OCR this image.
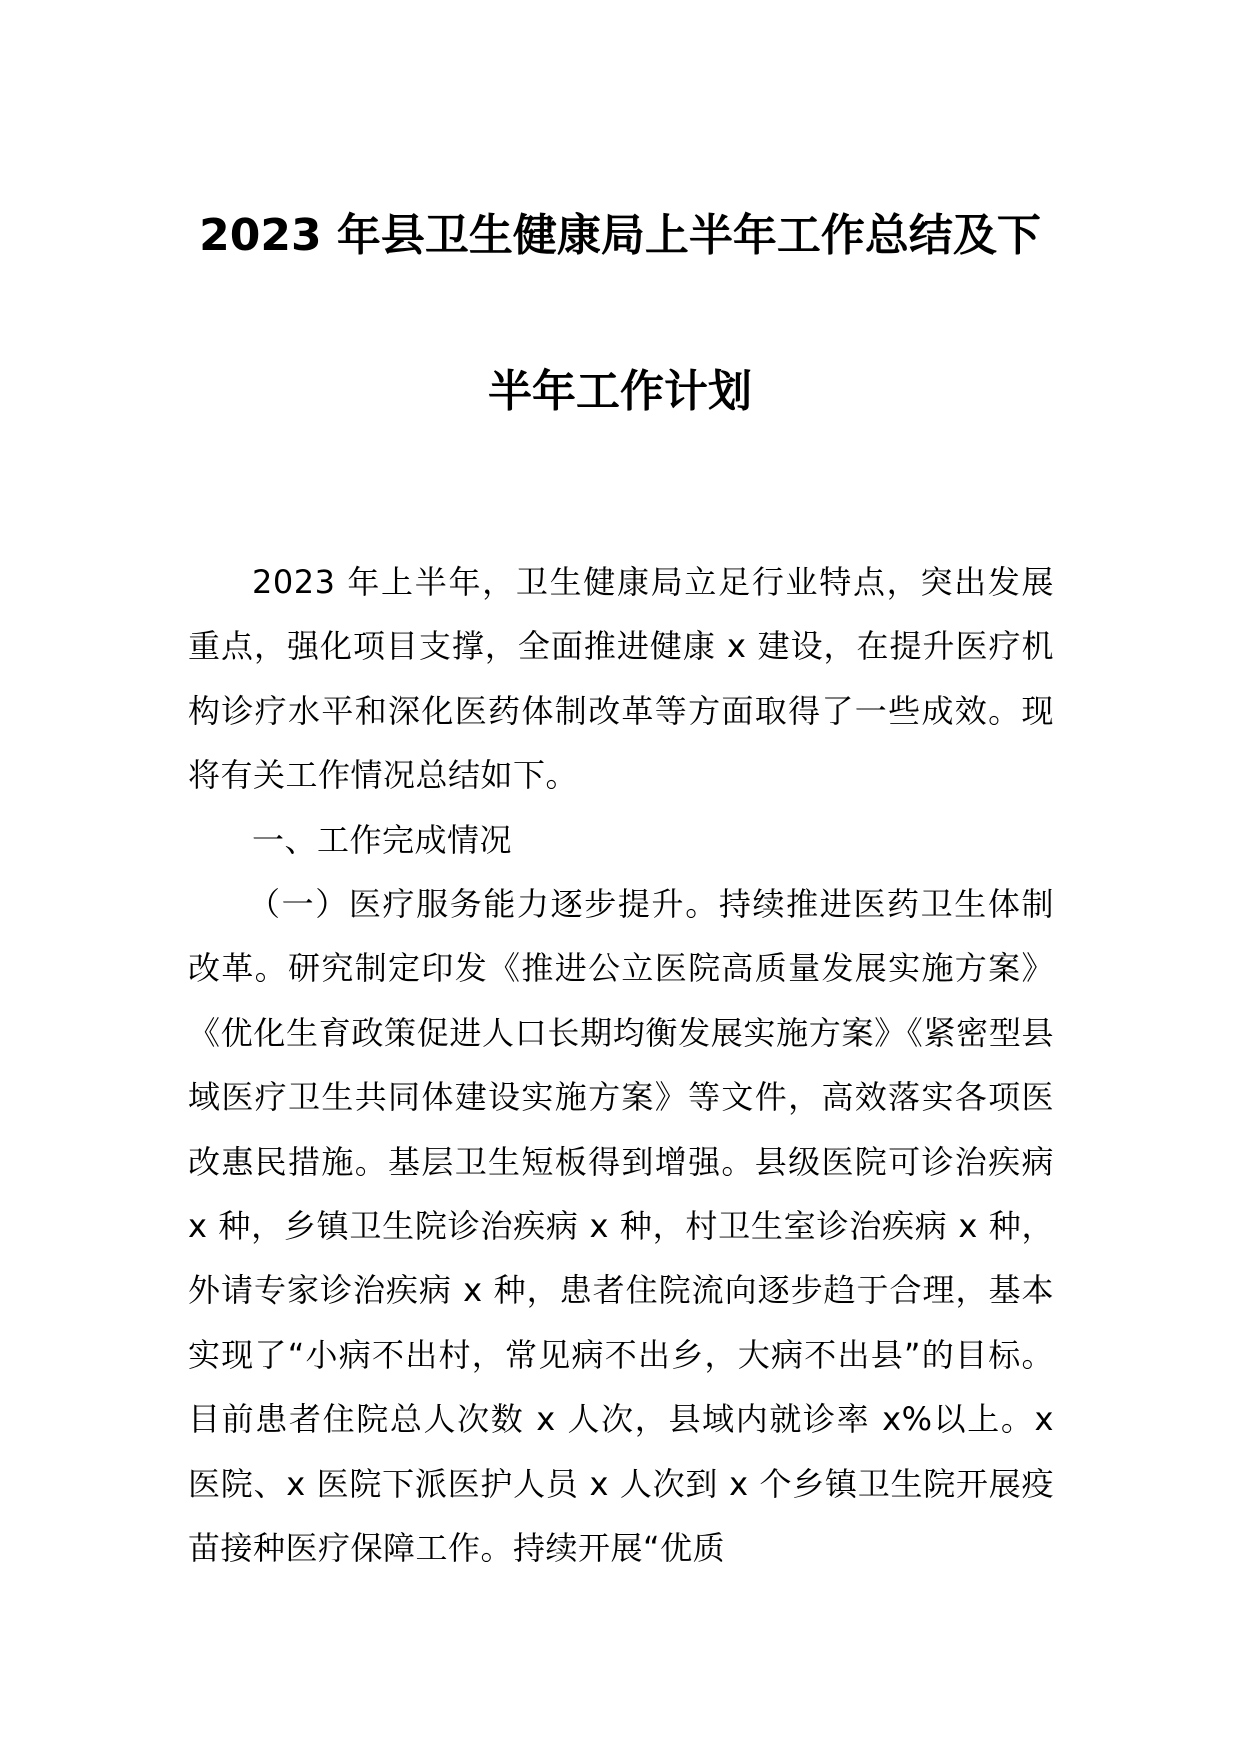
2023 年县卫生健康局上半年工作总结及下
半年工作计划

2023 年上半年，卫生健康局立足行业特点，突出发展重点，强化项目支撑，全面推进健康 x 建设，在提升医疗机构诊疗水平和深化医药体制改革等方面取得了一些成效。现将有关工作情况总结如下。

一、工作完成情况

（一）医疗服务能力逐步提升。持续推进医药卫生体制改革。研究制定印发《推进公立医院高质量发展实施方案》《优化生育政策促进人口长期均衡发展实施方案》《紧密型县域医疗卫生共同体建设实施方案》等文件，高效落实各项医改惠民措施。基层卫生短板得到增强。县级医院可诊治疾病 x 种，乡镇卫生院诊治疾病 x 种，村卫生室诊治疾病 x 种，外请专家诊治疾病 x 种，患者住院流向逐步趋于合理，基本实现了“小病不出村，常见病不出乡，大病不出县”的目标。目前患者住院总人次数 x 人次，县域内就诊率 x%以上。x 医院、x 医院下派医护人员 x 人次到 x 个乡镇卫生院开展疫苗接种医疗保障工作。持续开展“优质
